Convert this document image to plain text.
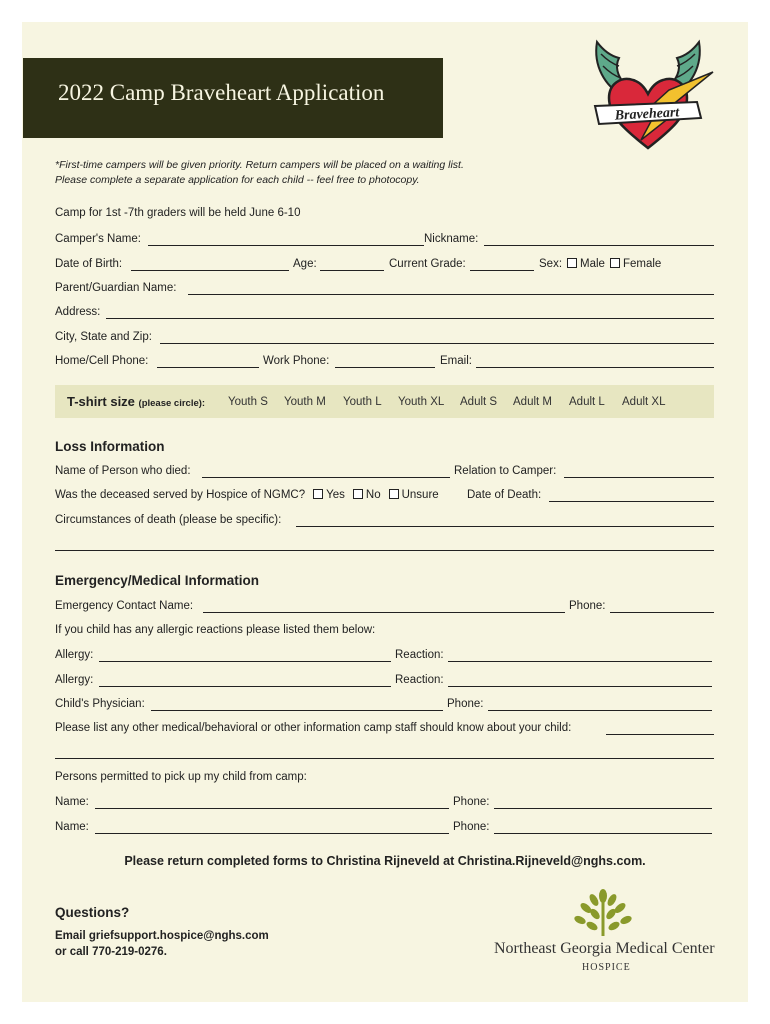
2022 Camp Braveheart Application
Braveheart
*First-time campers will be given priority. Return campers will be placed on a waiting list.
Please complete a separate application for each child -- feel free to photocopy.
Camp for 1st -7th graders will be held June 6-10
Camper's Name:	Nickname:
Date of Birth:	Age:	Current Grade:	Sex: Male Female
Parent/Guardian Name:
Address:
City, State and Zip:
Home/Cell Phone:	Work Phone:	Email:
T-shirt size (please circle): Youth S Youth M Youth L Youth XL Adult S Adult M Adult L Adult XL
Loss Information
Name of Person who died:	Relation to Camper:
Was the deceased served by Hospice of NGMC? Yes No Unsure Date of Death:
Circumstances of death (please be specific):
Emergency/Medical Information
Emergency Contact Name:	Phone:
If you child has any allergic reactions please listed them below:
Allergy:	Reaction:
Allergy:	Reaction:
Child's Physician:	Phone:
Please list any other medical/behavioral or other information camp staff should know about your child:
Persons permitted to pick up my child from camp:
Name:	Phone:
Name:	Phone:
Please return completed forms to Christina Rijneveld at Christina.Rijneveld@nghs.com.
Questions?
Email griefsupport.hospice@nghs.com
or call 770-219-0276.	Northeast Georgia Medical Center
HOSPICE
